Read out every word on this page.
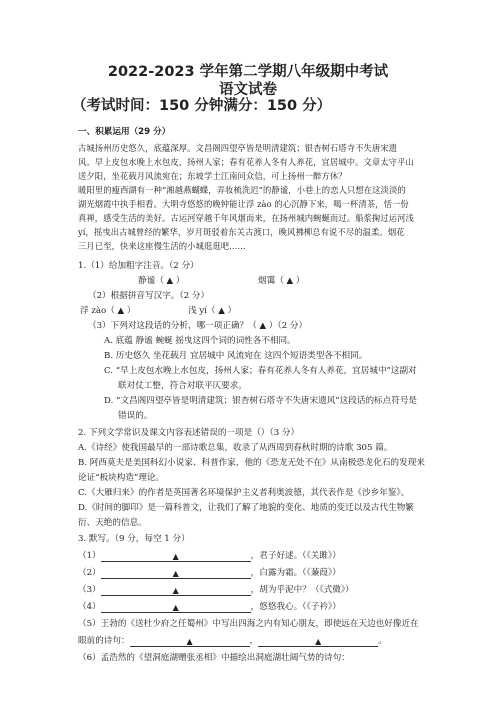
2022-2023 学年第二学期八年级期中考试
语文试卷
（考试时间：150 分钟满分：150 分）
一、积累运用（29 分）

古城扬州历史悠久，底蕴深厚。文昌阁四望亭皆是明清建筑；银杏树石塔寺不失唐宋遗

风。早上皮包水晚上水包皮，扬州人家；春有花养人冬有人养花，宜居城中。文章太守平山

送夕阳，坐花载月风流宛在；东坡学士江南问众信，可上扬州一醉方休？

暖阳里的瘦西湖有一种“湘越燕蝴蝶，弄妆梳洗迟”的静谧，小巷上的恋人只想在这淡淡的

湖光烟霞中执手相看。大明寺悠悠的晚钟能让浮 zào 的心沉静下来，喝一杯清茶，恬一份

真禅，感受生活的美好。古运河穿越千年风烟而来，在扬州城内蜿蜒而过。船浆掬过运河浅

yí，摇曳出古城曾经的繁华，岁月斑驳着东关古渡口，晚风拂柳总有说不尽的温柔。烟花

三月已至，快来这座慢生活的小城逛逛吧……

1.（1）给加粗字注音。（2 分）
静谧（ ▲ ）	烟霭（ ▲ ）
（2）根据拼音写汉字。（2 分）
浮 zào（ ▲ ）	浅 yí（ ▲ ）
（3）下列对这段话的分析，哪一项正确？（ ▲ ）（2 分）
A. 底蕴 静谧 蜿蜒 摇曳这四个词的词性各不相同。
B. 历史悠久 坐花载月 宜居城中 风流宛在 这四个短语类型各不相同。
C. “早上皮包水晚上水包皮，扬州人家；春有花养人冬有人养花，宜居城中”这副对
联对仗工整，符合对联平仄要求。
D. “文昌阁四望亭皆是明清建筑；银杏树石塔寺不失唐宋遗风”这段话的标点符号是
错误的。
2. 下列文学常识及课文内容表述错误的一项是（）（3 分）
A.《诗经》使我国最早的一部诗歌总集，收录了从西周到春秋时期的诗歌 305 篇。
B. 阿西莫夫是美国科幻小说家、科普作家，他的《恐龙无处不在》从南极恐龙化石的发现来
论证“板块构造”理论。
C.《大雁归来》的作者是英国著名环境保护主义者利奥波德，其代表作是《沙乡年鉴》。
D.《时间的脚印》是一篇科普文，让我们了解了地貌的变化、地质的变迁以及古代生物繁
衍、天绝的信息。
3. 默写。（9 分，每空 1 分）
（1）	▲	，君子好逑。（《关雎》）
（2）	▲	，白露为霜。（《蒹葭》）
（3）	▲	，胡为乎泥中？（《式微》）
（4）	▲	，悠悠我心。（《子衿》）
（5）王勃的《送杜少府之任蜀州》中写出四海之内有知心朋友，即使远在天边也好像近在
眼前的诗句：	▲	，	▲	。
（6）孟浩然的《望洞庭湖赠张丞相》中描绘出洞庭湖壮阔气势的诗句：
